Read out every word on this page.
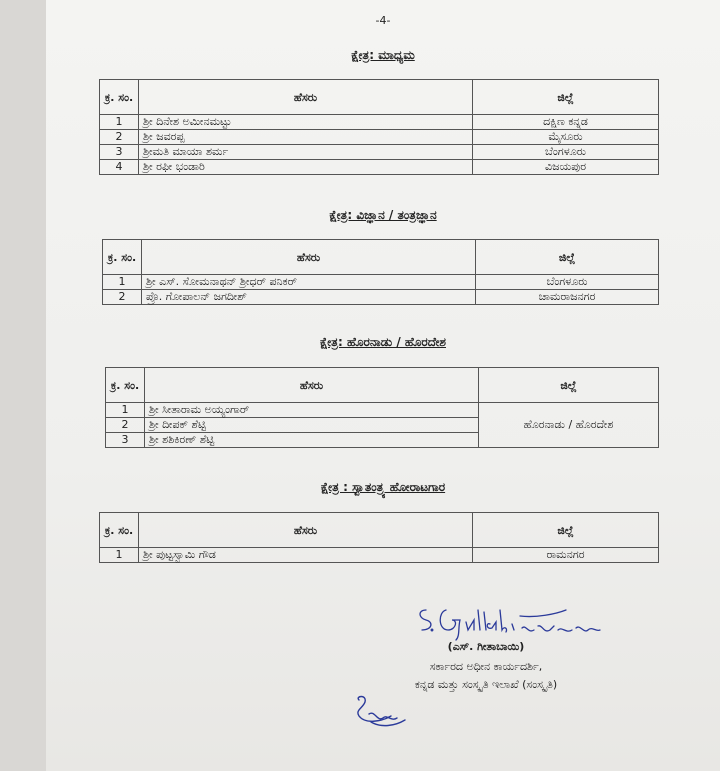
-4-
ಕ್ಷೇತ್ರ: ಮಾಧ್ಯಮ
ಕ್ರ. ಸಂ.	ಹೆಸರು	ಜಿಲ್ಲೆ
1	ಶ್ರೀ ದಿನೇಶ ಅಮೀನಮಟ್ಟು	ದಕ್ಷಿಣ ಕನ್ನಡ
2	ಶ್ರೀ ಜವರಪ್ಪ	ಮೈಸೂರು
3	ಶ್ರೀಮತಿ ಮಾಯಾ ಶರ್ಮ	ಬೆಂಗಳೂರು
4	ಶ್ರೀ ರಫೀ ಭಂಡಾರಿ	ವಿಜಯಪುರ
ಕ್ಷೇತ್ರ: ವಿಜ್ಞಾನ / ತಂತ್ರಜ್ಞಾನ
ಕ್ರ. ಸಂ.	ಹೆಸರು	ಜಿಲ್ಲೆ
1	ಶ್ರೀ ಎಸ್. ಸೋಮನಾಥನ್ ಶ್ರೀಧರ್ ಪನಿಕರ್	ಬೆಂಗಳೂರು
2	ಪ್ರೊ. ಗೋಪಾಲನ್ ಜಗದೀಶ್	ಚಾಮರಾಜನಗರ
ಕ್ಷೇತ್ರ: ಹೊರನಾಡು / ಹೊರದೇಶ
ಕ್ರ. ಸಂ.	ಹೆಸರು	ಜಿಲ್ಲೆ
1	ಶ್ರೀ ಸೀತಾರಾಮ ಅಯ್ಯಂಗಾರ್	ಹೊರನಾಡು / ಹೊರದೇಶ
2	ಶ್ರೀ ದೀಪಕ್ ಶೆಟ್ಟಿ	
3	ಶ್ರೀ ಶಶಿಕಿರಣ್ ಶೆಟ್ಟಿ	
ಕ್ಷೇತ್ರ : ಸ್ವಾತಂತ್ರ್ಯ ಹೋರಾಟಗಾರ
ಕ್ರ. ಸಂ.	ಹೆಸರು	ಜಿಲ್ಲೆ
1	ಶ್ರೀ ಪುಟ್ಟಸ್ವಾಮಿ ಗೌಡ	ರಾಮನಗರ
(ಎಸ್. ಗೀತಾಬಾಯಿ)
ಸರ್ಕಾರದ ಅಧೀನ ಕಾರ್ಯದರ್ಶಿ,
ಕನ್ನಡ ಮತ್ತು ಸಂಸ್ಕೃತಿ ಇಲಾಖೆ (ಸಂಸ್ಕೃತಿ)
